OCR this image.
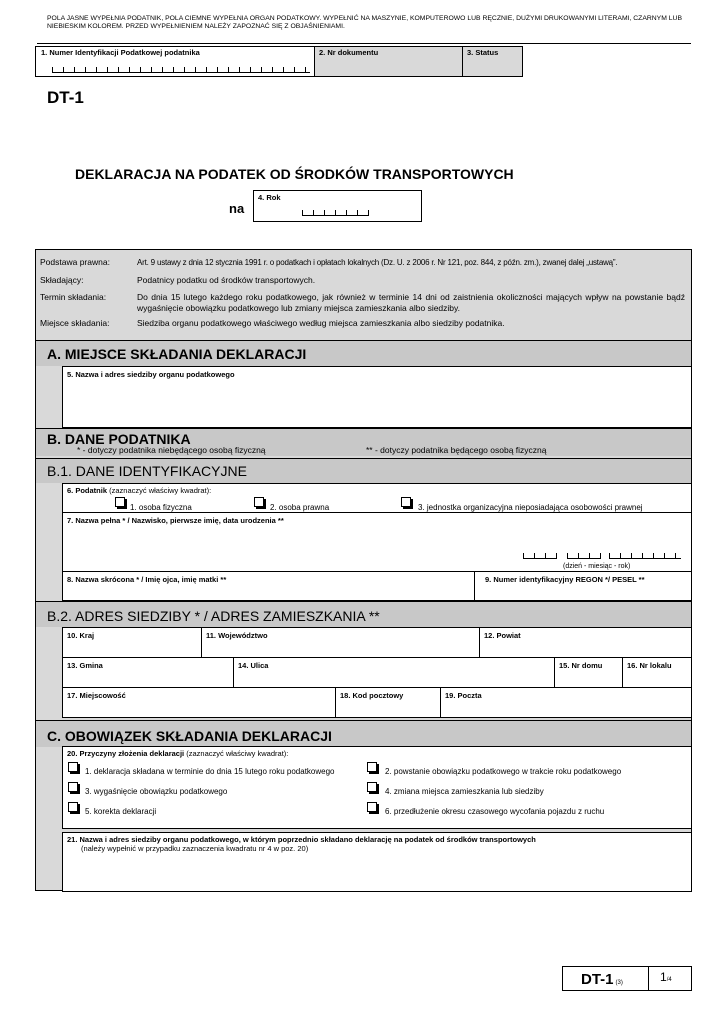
POLA JASNE WYPEŁNIA PODATNIK, POLA CIEMNE WYPEŁNIA ORGAN PODATKOWY. WYPEŁNIĆ NA MASZYNIE, KOMPUTEROWO LUB RĘCZNIE, DUŻYMI DRUKOWANYMI LITERAMI, CZARNYM LUB NIEBIESKIM KOLOREM. PRZED WYPEŁNIENIEM NALEŻY ZAPOZNAĆ SIĘ Z OBJAŚNIENIAMI.
1. Numer Identyfikacji Podatkowej podatnika	2. Nr dokumentu	3. Status
DT-1
DEKLARACJA NA PODATEK OD ŚRODKÓW TRANSPORTOWYCH
na
4. Rok
Podstawa prawna:	Art. 9 ustawy z dnia 12 stycznia 1991 r. o podatkach i opłatach lokalnych (Dz. U. z 2006 r. Nr 121, poz. 844, z późn. zm.), zwanej dalej „ustawą”.
Składający:	Podatnicy podatku od środków transportowych.
Termin składania:	Do dnia 15 lutego każdego roku podatkowego, jak również w terminie 14 dni od zaistnienia okoliczności mających wpływ na powstanie bądź wygaśnięcie obowiązku podatkowego lub zmiany miejsca zamieszkania albo siedziby.
Miejsce składania:	Siedziba organu podatkowego właściwego według miejsca zamieszkania albo siedziby podatnika.
A. MIEJSCE SKŁADANIA DEKLARACJI
5. Nazwa i adres siedziby organu podatkowego
B. DANE PODATNIKA
* - dotyczy podatnika niebędącego osobą fizyczną	** - dotyczy podatnika będącego osobą fizyczną
B.1. DANE IDENTYFIKACYJNE
6. Podatnik (zaznaczyć właściwy kwadrat):
1. osoba fizyczna	2. osoba prawna	3. jednostka organizacyjna nieposiadająca osobowości prawnej
7. Nazwa pełna * / Nazwisko, pierwsze imię, data urodzenia **
(dzień - miesiąc - rok)
8. Nazwa skrócona * / Imię ojca, imię matki **	9. Numer identyfikacyjny REGON */ PESEL **
B.2. ADRES SIEDZIBY * / ADRES ZAMIESZKANIA **
10. Kraj	11. Województwo	12. Powiat
13. Gmina	14. Ulica	15. Nr domu	16. Nr lokalu
17. Miejscowość	18. Kod pocztowy	19. Poczta
C. OBOWIĄZEK SKŁADANIA DEKLARACJI
20. Przyczyny złożenia deklaracji (zaznaczyć właściwy kwadrat):
1. deklaracja składana w terminie do dnia 15 lutego roku podatkowego	2. powstanie obowiązku podatkowego w trakcie roku podatkowego
3. wygaśnięcie obowiązku podatkowego	4. zmiana miejsca zamieszkania lub siedziby
5. korekta deklaracji	6. przedłużenie okresu czasowego wycofania pojazdu z ruchu
21. Nazwa i adres siedziby organu podatkowego, w którym poprzednio składano deklarację na podatek od środków transportowych
(należy wypełnić w przypadku zaznaczenia kwadratu nr 4 w poz. 20)
DT-1 (3)	1/4
